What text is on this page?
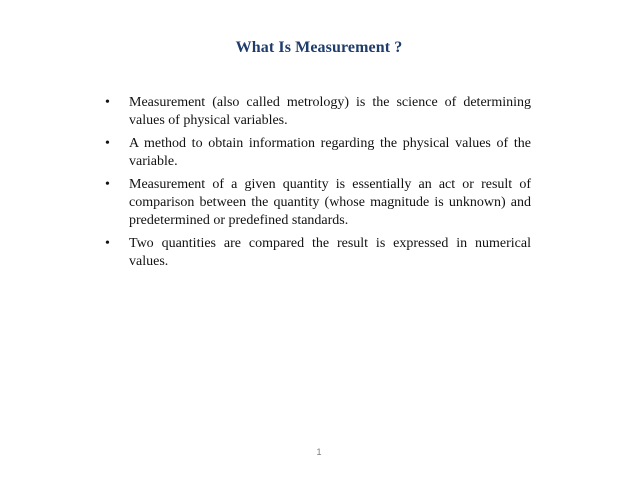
What Is Measurement ?
•	Measurement (also called metrology) is the science of determining values of physical variables.
•	A method to obtain information regarding the physical values of the variable.
•	Measurement of a given quantity is essentially an act or result of comparison between the quantity (whose magnitude is unknown) and predetermined or predefined standards.
•	Two quantities are compared the result is expressed in numerical values.
1
